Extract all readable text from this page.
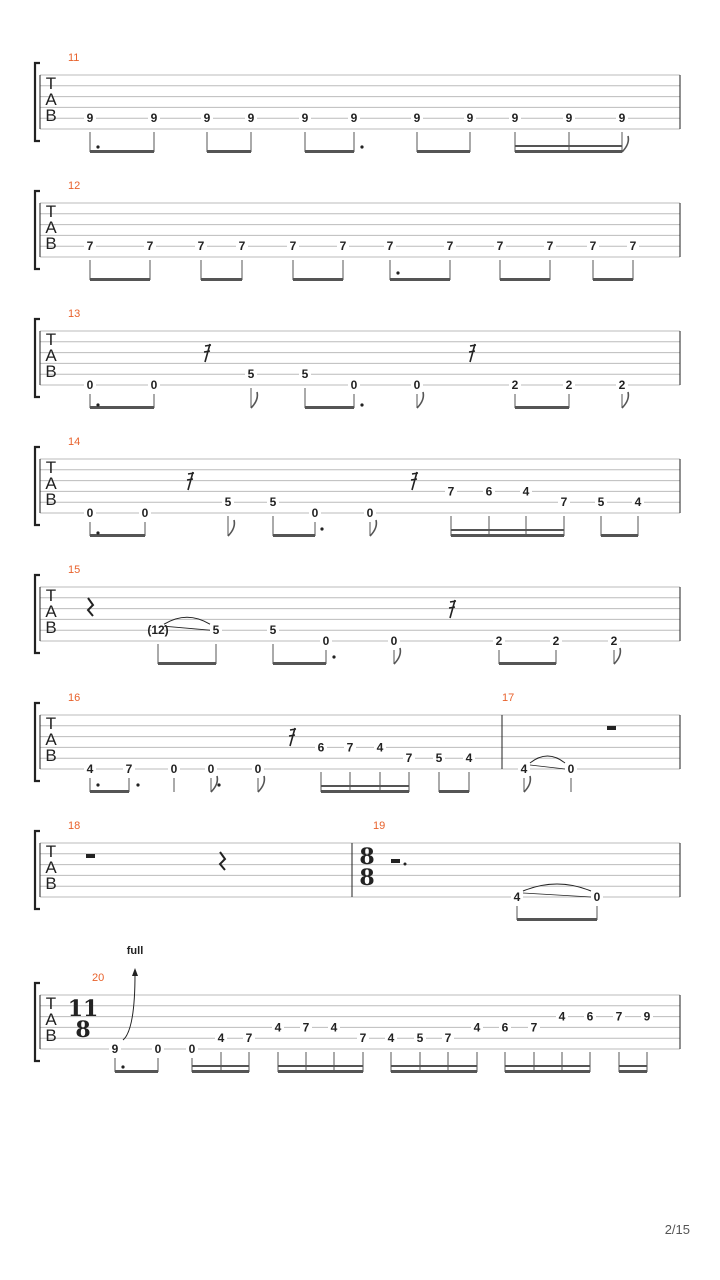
T
A
B
11
9	9	9	9	9	9	9	9	9	9	9
T
A
B
12
7	7	7	7	7	7	7	7	7	7	7	7
T
A
B
13
0	0
5	5
0	0	2	2	2
T
A
B
14
0	0
5	5
0	0
7	6	4
7	5	4
T
A
B
15
(12)	5	5
0	0	2	2	2
T
A
B
16
4	7	0	0	0
6 7 4
7 5 4
17
4	0
T
A
B
18	19
8
8
4	0
T
A
B
20
11
8
9	0 0
4 7
4 7 4
7 4 5 7
4 6 7
4 6 7 9
full
2/15
